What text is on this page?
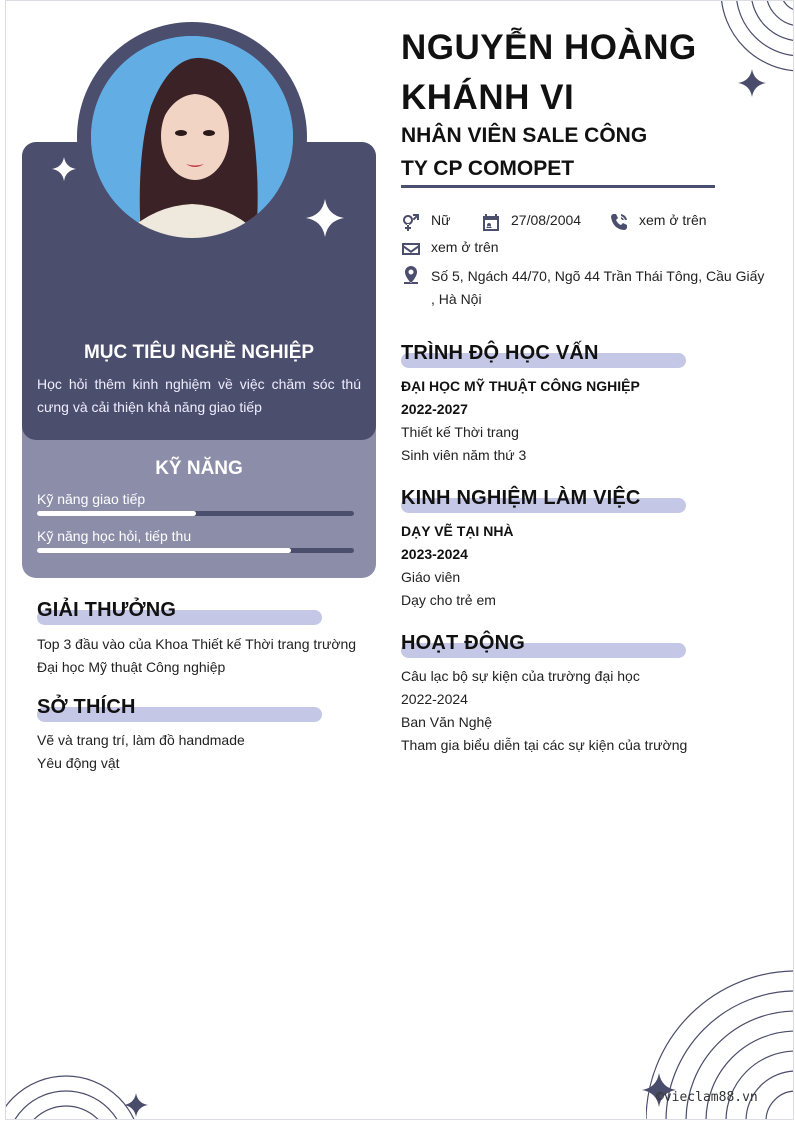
MỤC TIÊU NGHỀ NGHIỆP
Học hỏi thêm kinh nghiệm về việc chăm sóc thú cưng và cải thiện khả năng giao tiếp
KỸ NĂNG
Kỹ năng giao tiếp
Kỹ năng học hỏi, tiếp thu
GIẢI THƯỞNG
Top 3 đầu vào của Khoa Thiết kế Thời trang trường
Đại học Mỹ thuật Công nghiệp
SỞ THÍCH
Vẽ và trang trí, làm đồ handmade
Yêu động vật
NGUYỄN HOÀNG
KHÁNH VI
NHÂN VIÊN SALE CÔNG
TY CP COMOPET
Nữ	27/08/2004	xem ở trên
xem ở trên
Số 5, Ngách 44/70, Ngõ 44 Trần Thái Tông, Cầu Giấy , Hà Nội
TRÌNH ĐỘ HỌC VẤN
ĐẠI HỌC MỸ THUẬT CÔNG NGHIỆP
2022-2027
Thiết kế Thời trang
Sinh viên năm thứ 3
KINH NGHIỆM LÀM VIỆC
DẠY VẼ TẠI NHÀ
2023-2024
Giáo viên
Dạy cho trẻ em
HOẠT ĐỘNG
Câu lạc bộ sự kiện của trường đại học
2022-2024
Ban Văn Nghệ
Tham gia biểu diễn tại các sự kiện của trường
©vieclam88.vn
